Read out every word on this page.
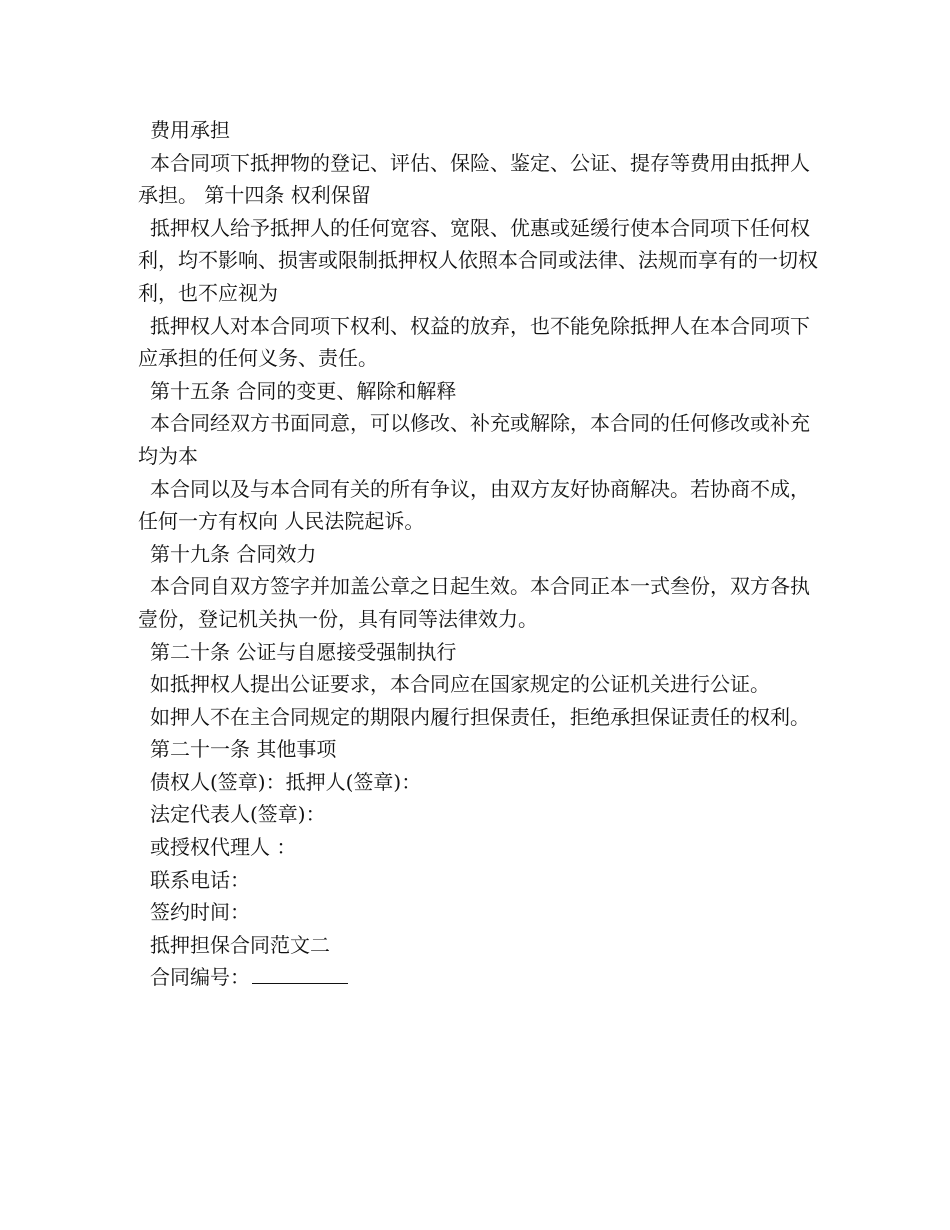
费用承担

本合同项下抵押物的登记、评估、保险、鉴定、公证、提存等费用由抵押人承担。 第十四条 权利保留

抵押权人给予抵押人的任何宽容、宽限、优惠或延缓行使本合同项下任何权利，均不影响、损害或限制抵押权人依照本合同或法律、法规而享有的一切权利，也不应视为

抵押权人对本合同项下权利、权益的放弃，也不能免除抵押人在本合同项下应承担的任何义务、责任。

第十五条 合同的变更、解除和解释

本合同经双方书面同意，可以修改、补充或解除，本合同的任何修改或补充均为本

本合同以及与本合同有关的所有争议，由双方友好协商解决。若协商不成，任何一方有权向 人民法院起诉。

第十九条 合同效力

本合同自双方签字并加盖公章之日起生效。本合同正本一式叁份，双方各执壹份，登记机关执一份，具有同等法律效力。

第二十条 公证与自愿接受强制执行

如抵押权人提出公证要求，本合同应在国家规定的公证机关进行公证。

如押人不在主合同规定的期限内履行担保责任，拒绝承担保证责任的权利。

第二十一条 其他事项

债权人(签章)：抵押人(签章)：

法定代表人(签章)：

或授权代理人 ：

联系电话：

签约时间：

抵押担保合同范文二

合同编号：
